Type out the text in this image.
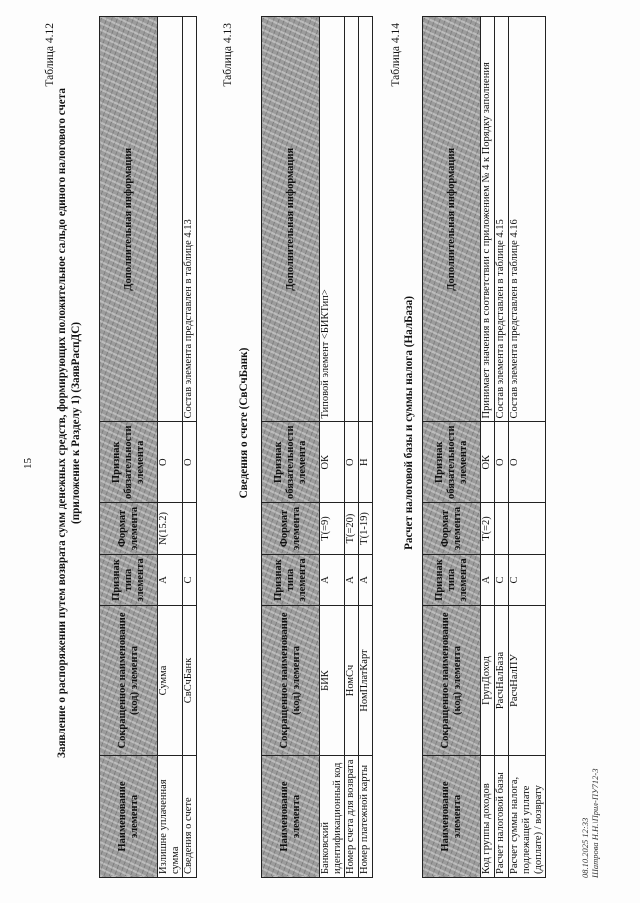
15
Таблица 4.12
Заявление о распоряжении путем возврата сумм денежных средств, формирующих положительное сальдо единого налогового счета (приложение к Разделу 1) (ЗаявРаспДС)
Наименование элемента	Сокращенное наименование (код) элемента	Признак типа элемента	Формат элемента	Признак обязательности элемента	Дополнительная информация
Излишне уплаченная сумма	Сумма	А	N(15.2)	О	
Сведения о счете	СвСчБанк	С		О	Состав элемента представлен в таблице 4.13
Таблица 4.13
Сведения о счете (СвСчБанк)
Наименование элемента	Сокращенное наименование (код) элемента	Признак типа элемента	Формат элемента	Признак обязательности элемента	Дополнительная информация
Банковский идентификационный код	БИК	А	T(=9)	ОК	Типовой элемент <БИКТип>
Номер счета для возврата	НомСч	А	T(=20)	О	
Номер платежной карты	НомПлатКарт	А	T(1-19)	Н	
Таблица 4.14
Расчет налоговой базы и суммы налога (НалБаза)
Наименование элемента	Сокращенное наименование (код) элемента	Признак типа элемента	Формат элемента	Признак обязательности элемента	Дополнительная информация
Код группы доходов	ГрупДоход	А	T(=2)	ОК	Принимает значения в соответствии с приложением № 4 к Порядку заполнения
Расчет налоговой базы	РасчНалБаза	С		О	Состав элемента представлен в таблице 4.15
Расчет суммы налога, подлежащей уплате (доплате) / возврату	РасчНалПУ	С		О	Состав элемента представлен в таблице 4.16
08.10.2025 12:33 Шатрова Н.Н.\Прил-ПУ712-3
